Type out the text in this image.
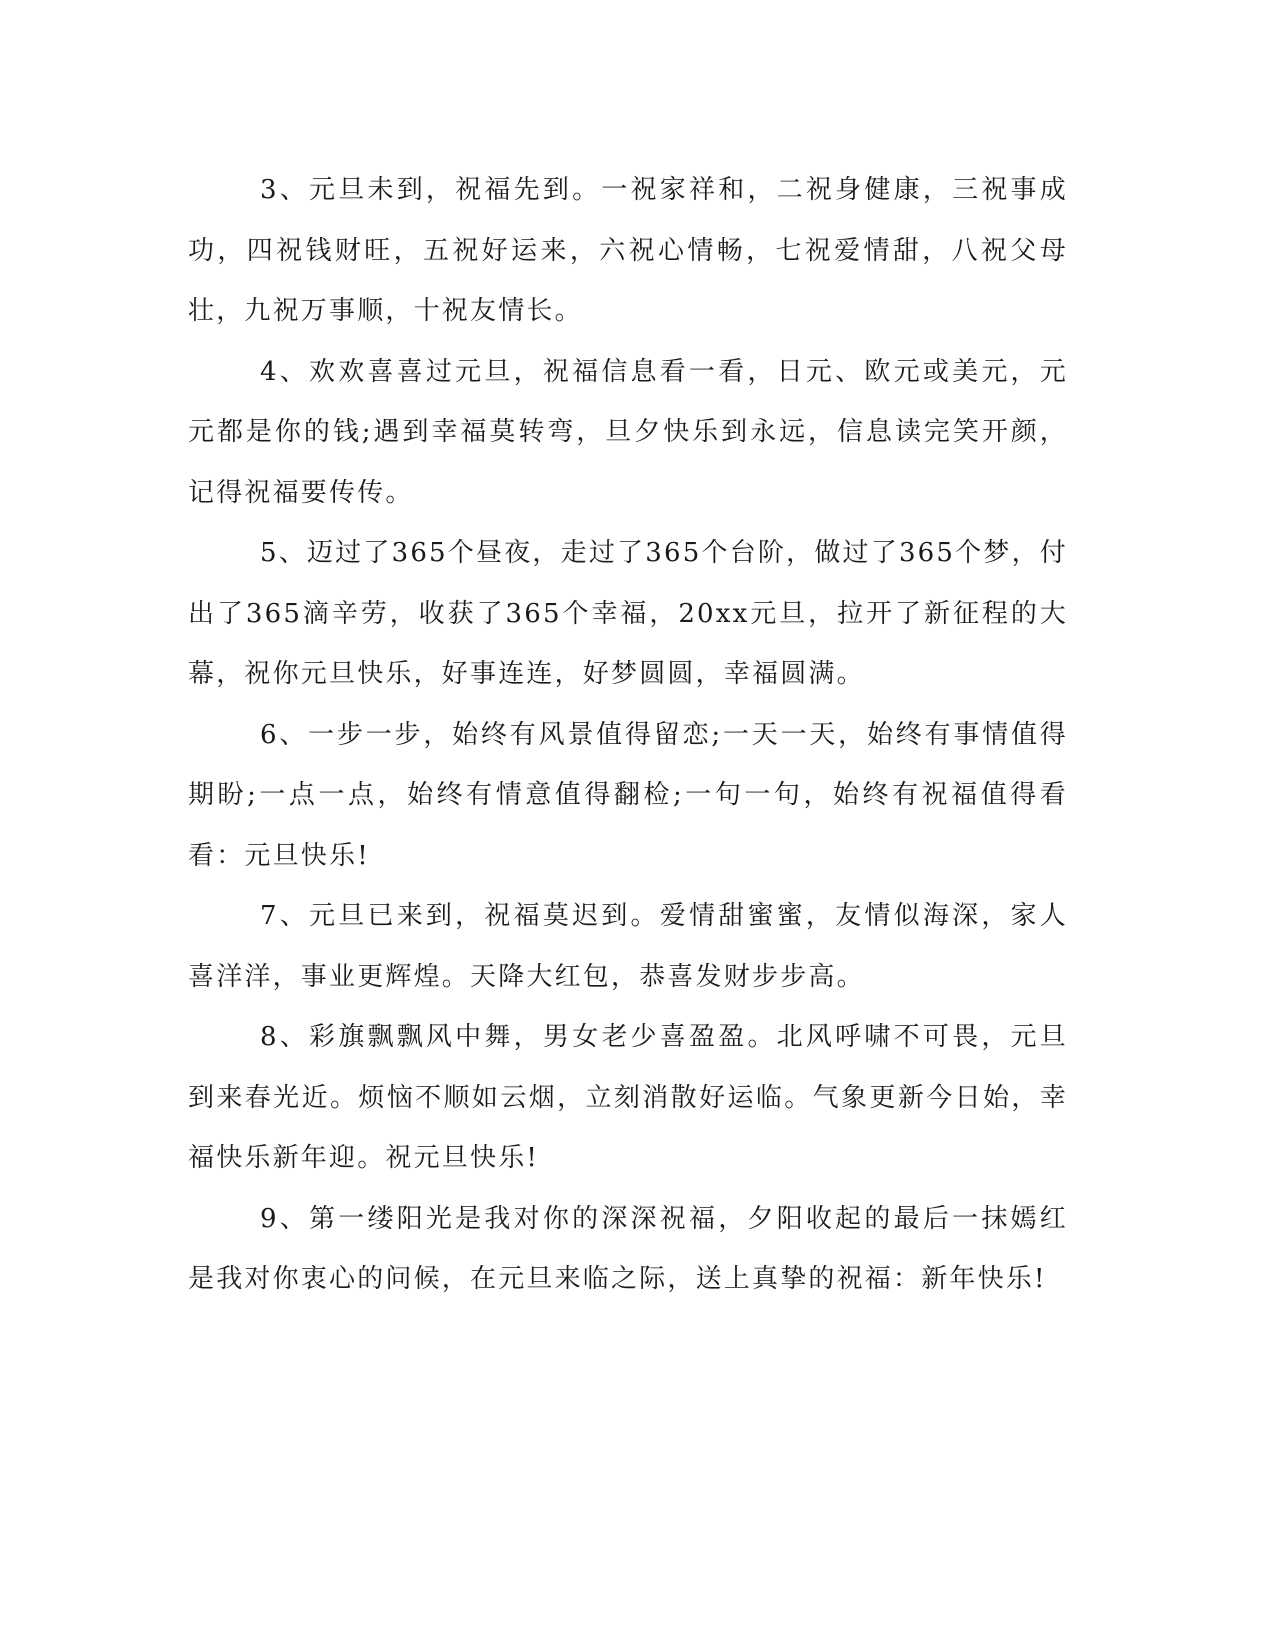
3、元旦未到，祝福先到。一祝家祥和，二祝身健康，三祝事成功，四祝钱财旺，五祝好运来，六祝心情畅，七祝爱情甜，八祝父母壮，九祝万事顺，十祝友情长。

4、欢欢喜喜过元旦，祝福信息看一看，日元、欧元或美元，元元都是你的钱;遇到幸福莫转弯，旦夕快乐到永远，信息读完笑开颜，记得祝福要传传。

5、迈过了365个昼夜，走过了365个台阶，做过了365个梦，付出了365滴辛劳，收获了365个幸福，20xx元旦，拉开了新征程的大幕，祝你元旦快乐，好事连连，好梦圆圆，幸福圆满。

6、一步一步，始终有风景值得留恋;一天一天，始终有事情值得期盼;一点一点，始终有情意值得翻检;一句一句，始终有祝福值得看看：元旦快乐!

7、元旦已来到，祝福莫迟到。爱情甜蜜蜜，友情似海深，家人喜洋洋，事业更辉煌。天降大红包，恭喜发财步步高。

8、彩旗飘飘风中舞，男女老少喜盈盈。北风呼啸不可畏，元旦到来春光近。烦恼不顺如云烟，立刻消散好运临。气象更新今日始，幸福快乐新年迎。祝元旦快乐!

9、第一缕阳光是我对你的深深祝福，夕阳收起的最后一抹嫣红是我对你衷心的问候，在元旦来临之际，送上真挚的祝福：新年快乐!
